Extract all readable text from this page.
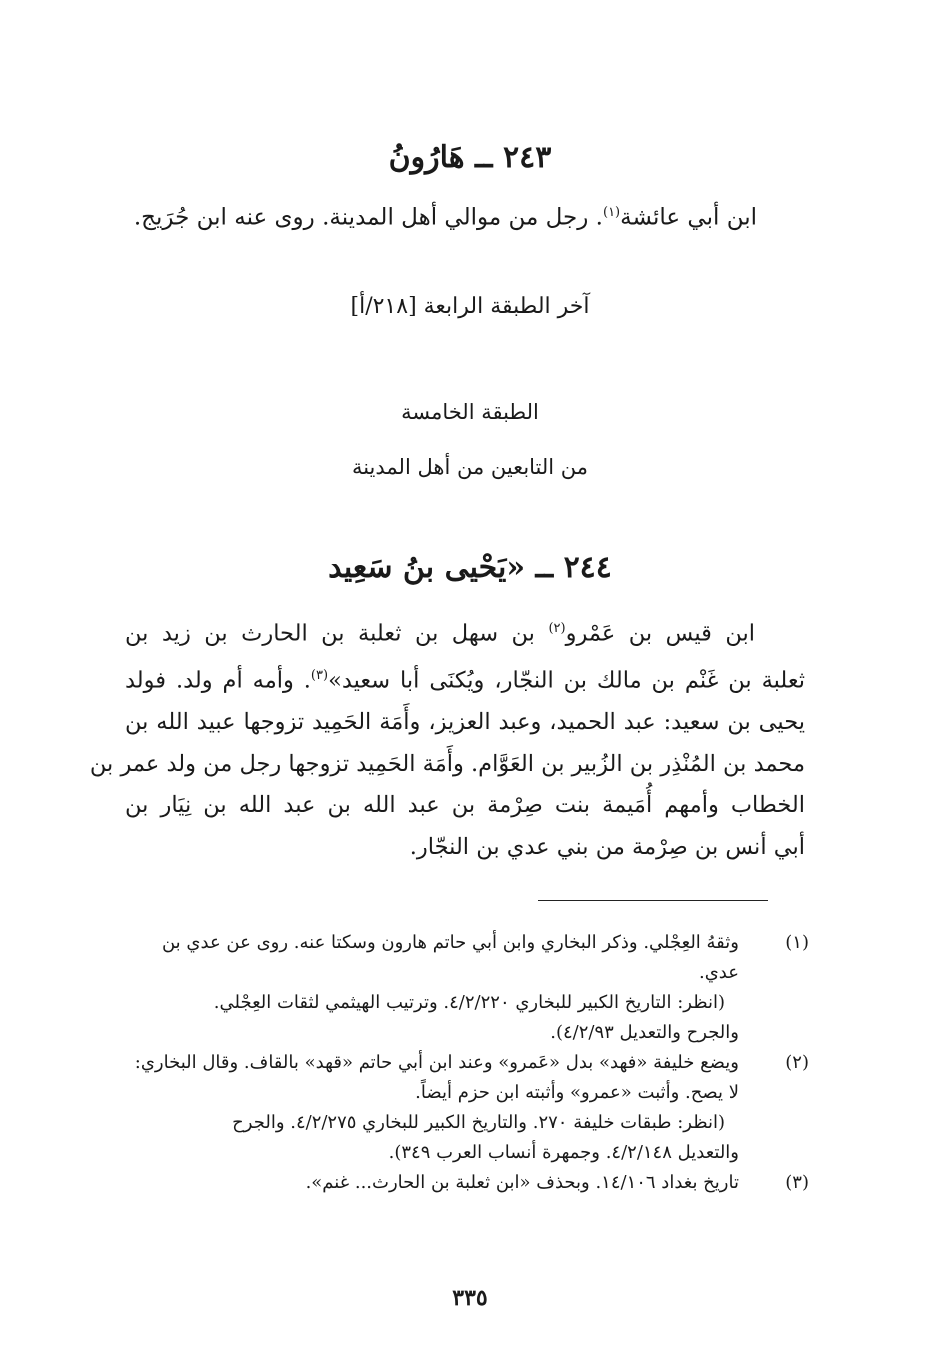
٢٤٣ ــ هَارُونُ
ابن أبي عائشة$^{(١)}$. رجل من موالي أهل المدينة. روى عنه ابن جُرَيج.
آخر الطبقة الرابعة [٢١٨/أ]
الطبقة الخامسة
من التابعين من أهل المدينة
٢٤٤ ــ «يَحْيى بنُ سَعِيد
ابن قيس بن عَمْرو$^{(٢)}$ بن سهل بن ثعلبة بن الحارث بن زيد بن
ثعلبة بن غَنْم بن مالك بن النجّار، ويُكنَى أبا سعيد»$^{(٣)}$. وأمه أم ولد. فولد
يحيى بن سعيد: عبد الحميد، وعبد العزيز، وأَمَة الحَمِيد تزوجها عبيد الله بن
محمد بن المُنْذِر بن الزُبير بن العَوَّام. وأَمَة الحَمِيد تزوجها رجل من ولد عمر بن
الخطاب وأمهم أُمَيمة بنت صِرْمة بن عبد الله بن عبد الله بن نِيَار بن
أبي أنس بن صِرْمة من بني عدي بن النجّار.
(١)
وثقهُ العِجْلي. وذكر البخاري وابن أبي حاتم هارون وسكتا عنه. روى عن عدي بن
عدي.
(انظر: التاريخ الكبير للبخاري ٤/٢/٢٢٠. وترتيب الهيثمي لثقات العِجْلي.
والجرح والتعديل ٤/٢/٩٣).
(٢)
ويضع خليفة «فهد» بدل «عَمرو» وعند ابن أبي حاتم «قهد» بالقاف. وقال البخاري:
لا يصح. وأثبت «عمرو» وأثبته ابن حزم أيضاً.
(انظر: طبقات خليفة ٢٧٠. والتاريخ الكبير للبخاري ٤/٢/٢٧٥. والجرح
والتعديل ٤/٢/١٤٨. وجمهرة أنساب العرب ٣٤٩).
(٣)
تاريخ بغداد ١٤/١٠٦. وبحذف «ابن ثعلبة بن الحارث... غنم».
٣٣٥
